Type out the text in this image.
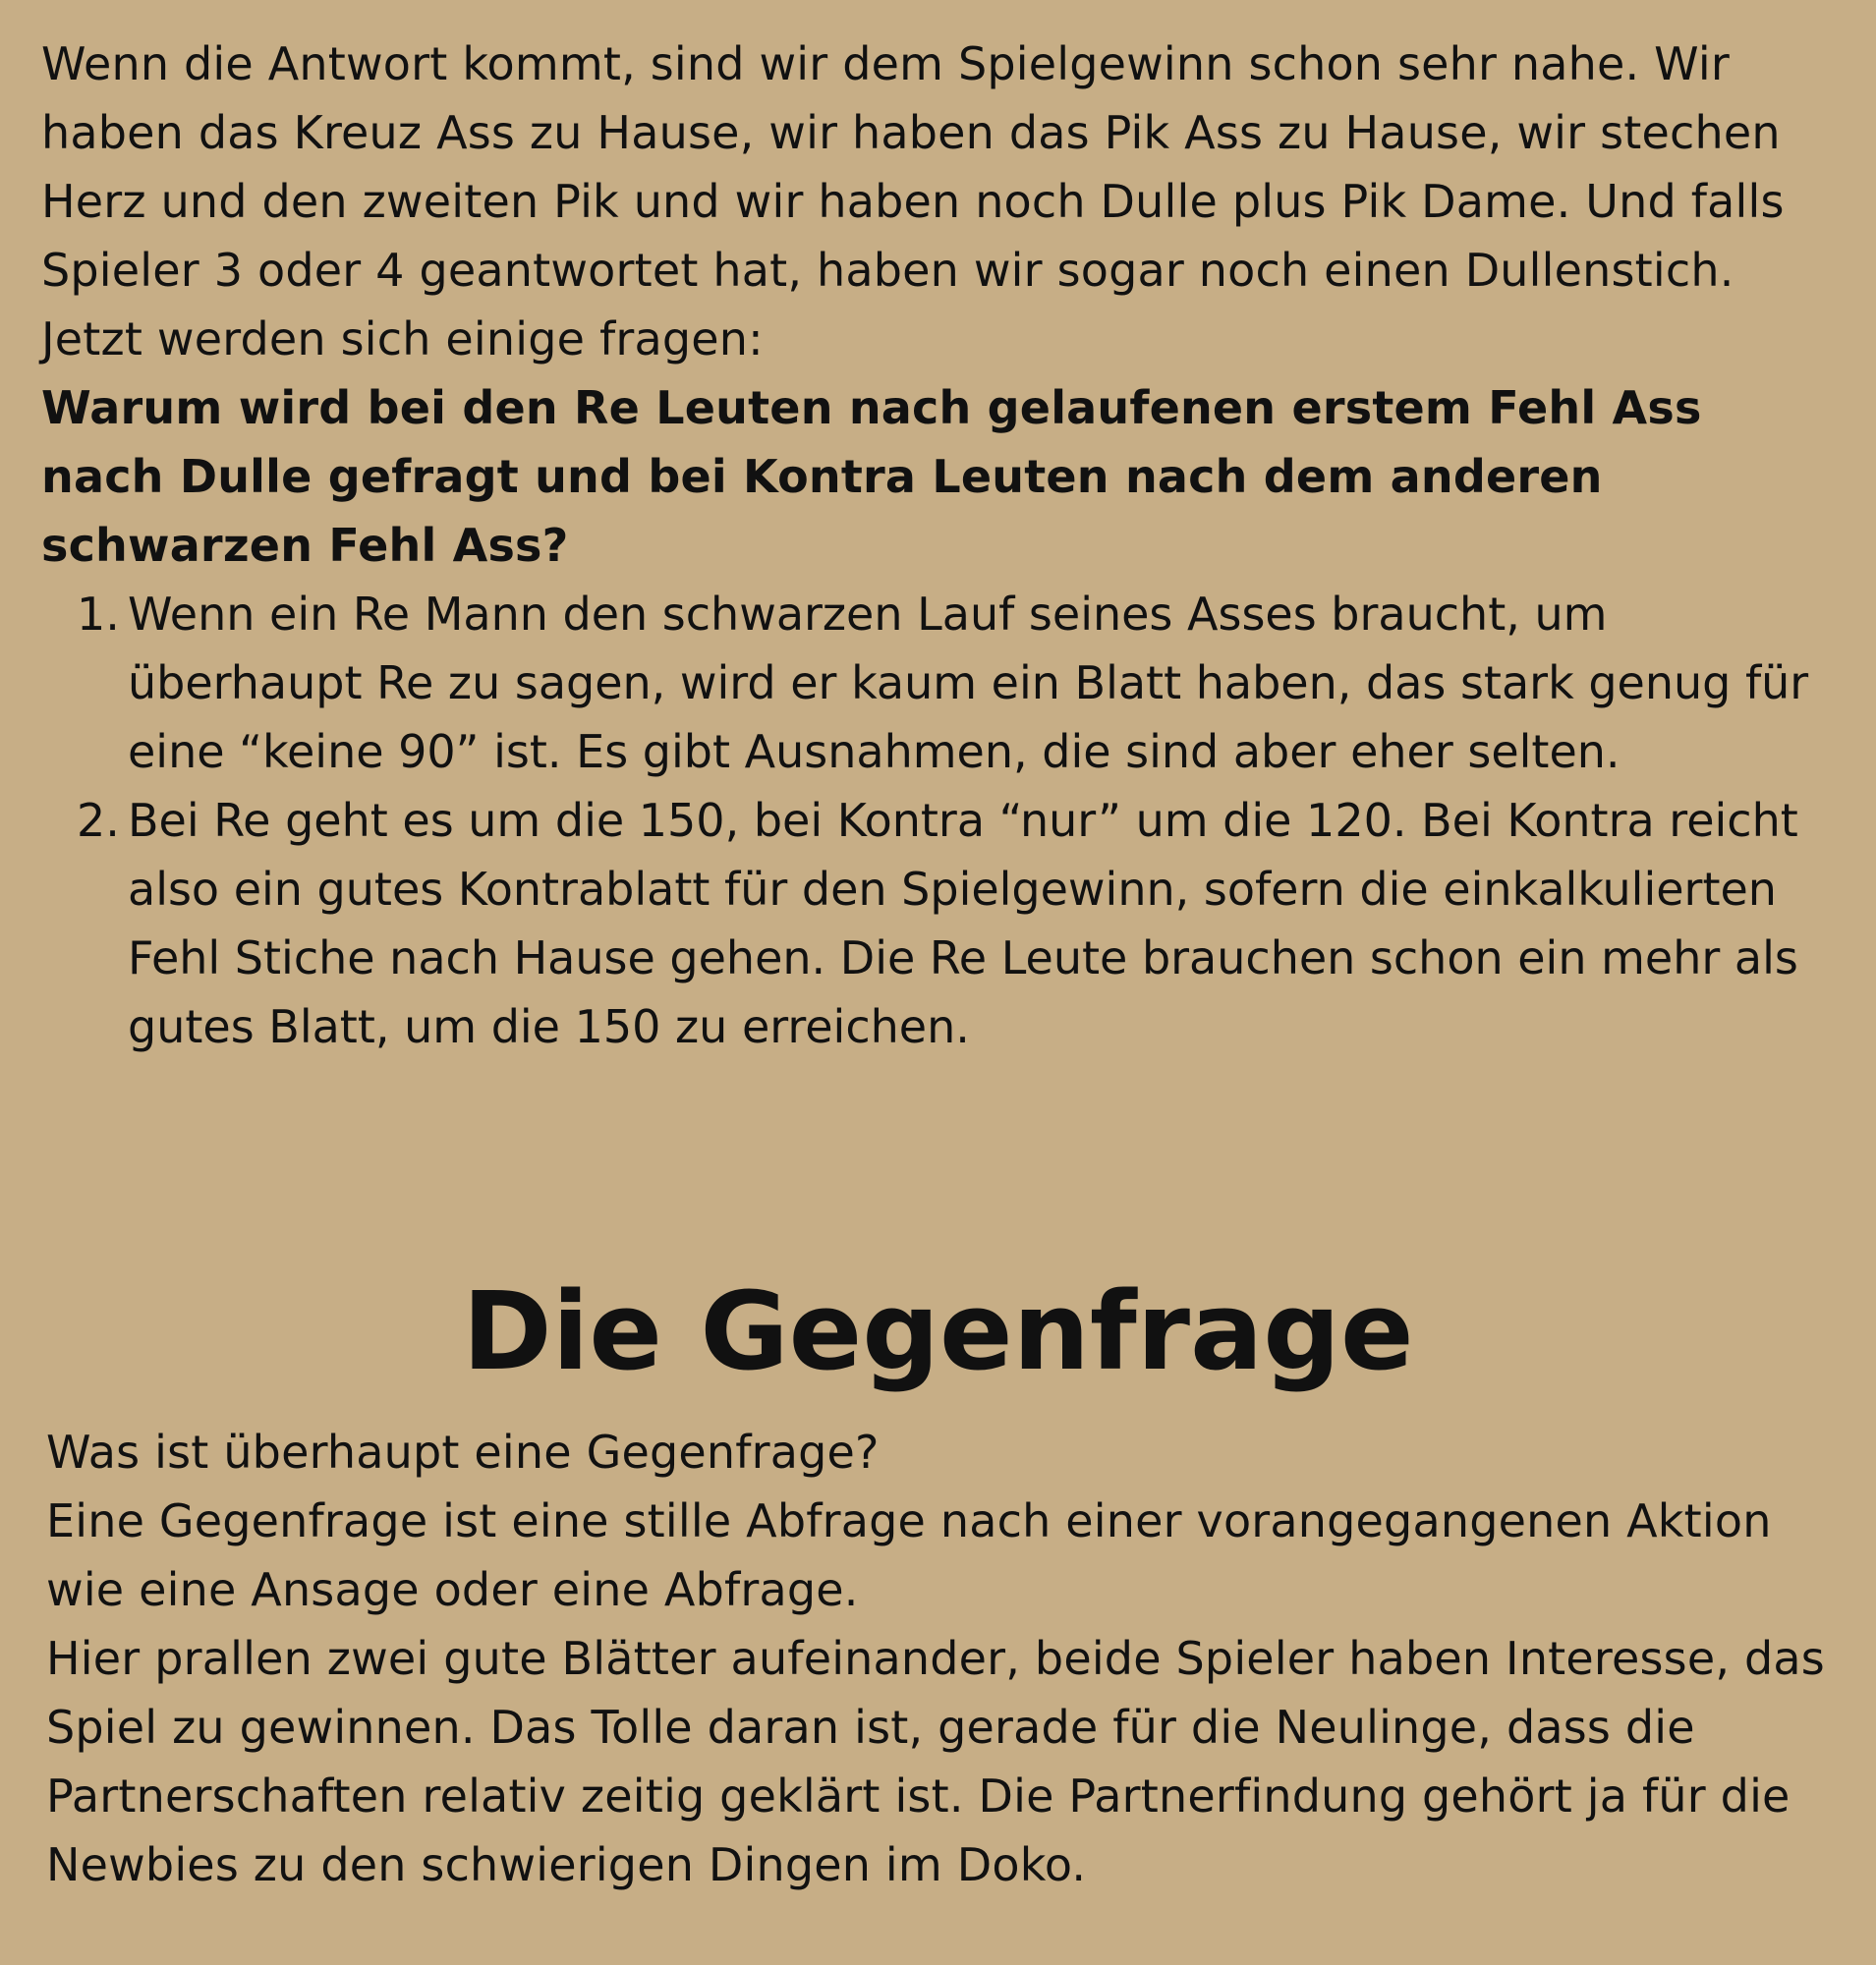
Wenn die Antwort kommt, sind wir dem Spielgewinn schon sehr nahe. Wir haben das Kreuz Ass zu Hause, wir haben das Pik Ass zu Hause, wir stechen Herz und den zweiten Pik und wir haben noch Dulle plus Pik Dame. Und falls Spieler 3 oder 4 geantwortet hat, haben wir sogar noch einen Dullenstich.

Jetzt werden sich einige fragen:

Warum wird bei den Re Leuten nach gelaufenen erstem Fehl Ass nach Dulle gefragt und bei Kontra Leuten nach dem anderen schwarzen Fehl Ass?

1. Wenn ein Re Mann den schwarzen Lauf seines Asses braucht, um überhaupt Re zu sagen, wird er kaum ein Blatt haben, das stark genug für eine “keine 90” ist. Es gibt Ausnahmen, die sind aber eher selten.
2. Bei Re geht es um die 150, bei Kontra “nur” um die 120. Bei Kontra reicht also ein gutes Kontrablatt für den Spielgewinn, sofern die einkalkulierten Fehl Stiche nach Hause gehen. Die Re Leute brauchen schon ein mehr als gutes Blatt, um die 150 zu erreichen.
Die Gegenfrage

Was ist überhaupt eine Gegenfrage?

Eine Gegenfrage ist eine stille Abfrage nach einer vorangegangenen Aktion wie eine Ansage oder eine Abfrage.

Hier prallen zwei gute Blätter aufeinander, beide Spieler haben Interesse, das Spiel zu gewinnen. Das Tolle daran ist, gerade für die Neulinge, dass die Partnerschaften relativ zeitig geklärt ist. Die Partnerfindung gehört ja für die Newbies zu den schwierigen Dingen im Doko.
